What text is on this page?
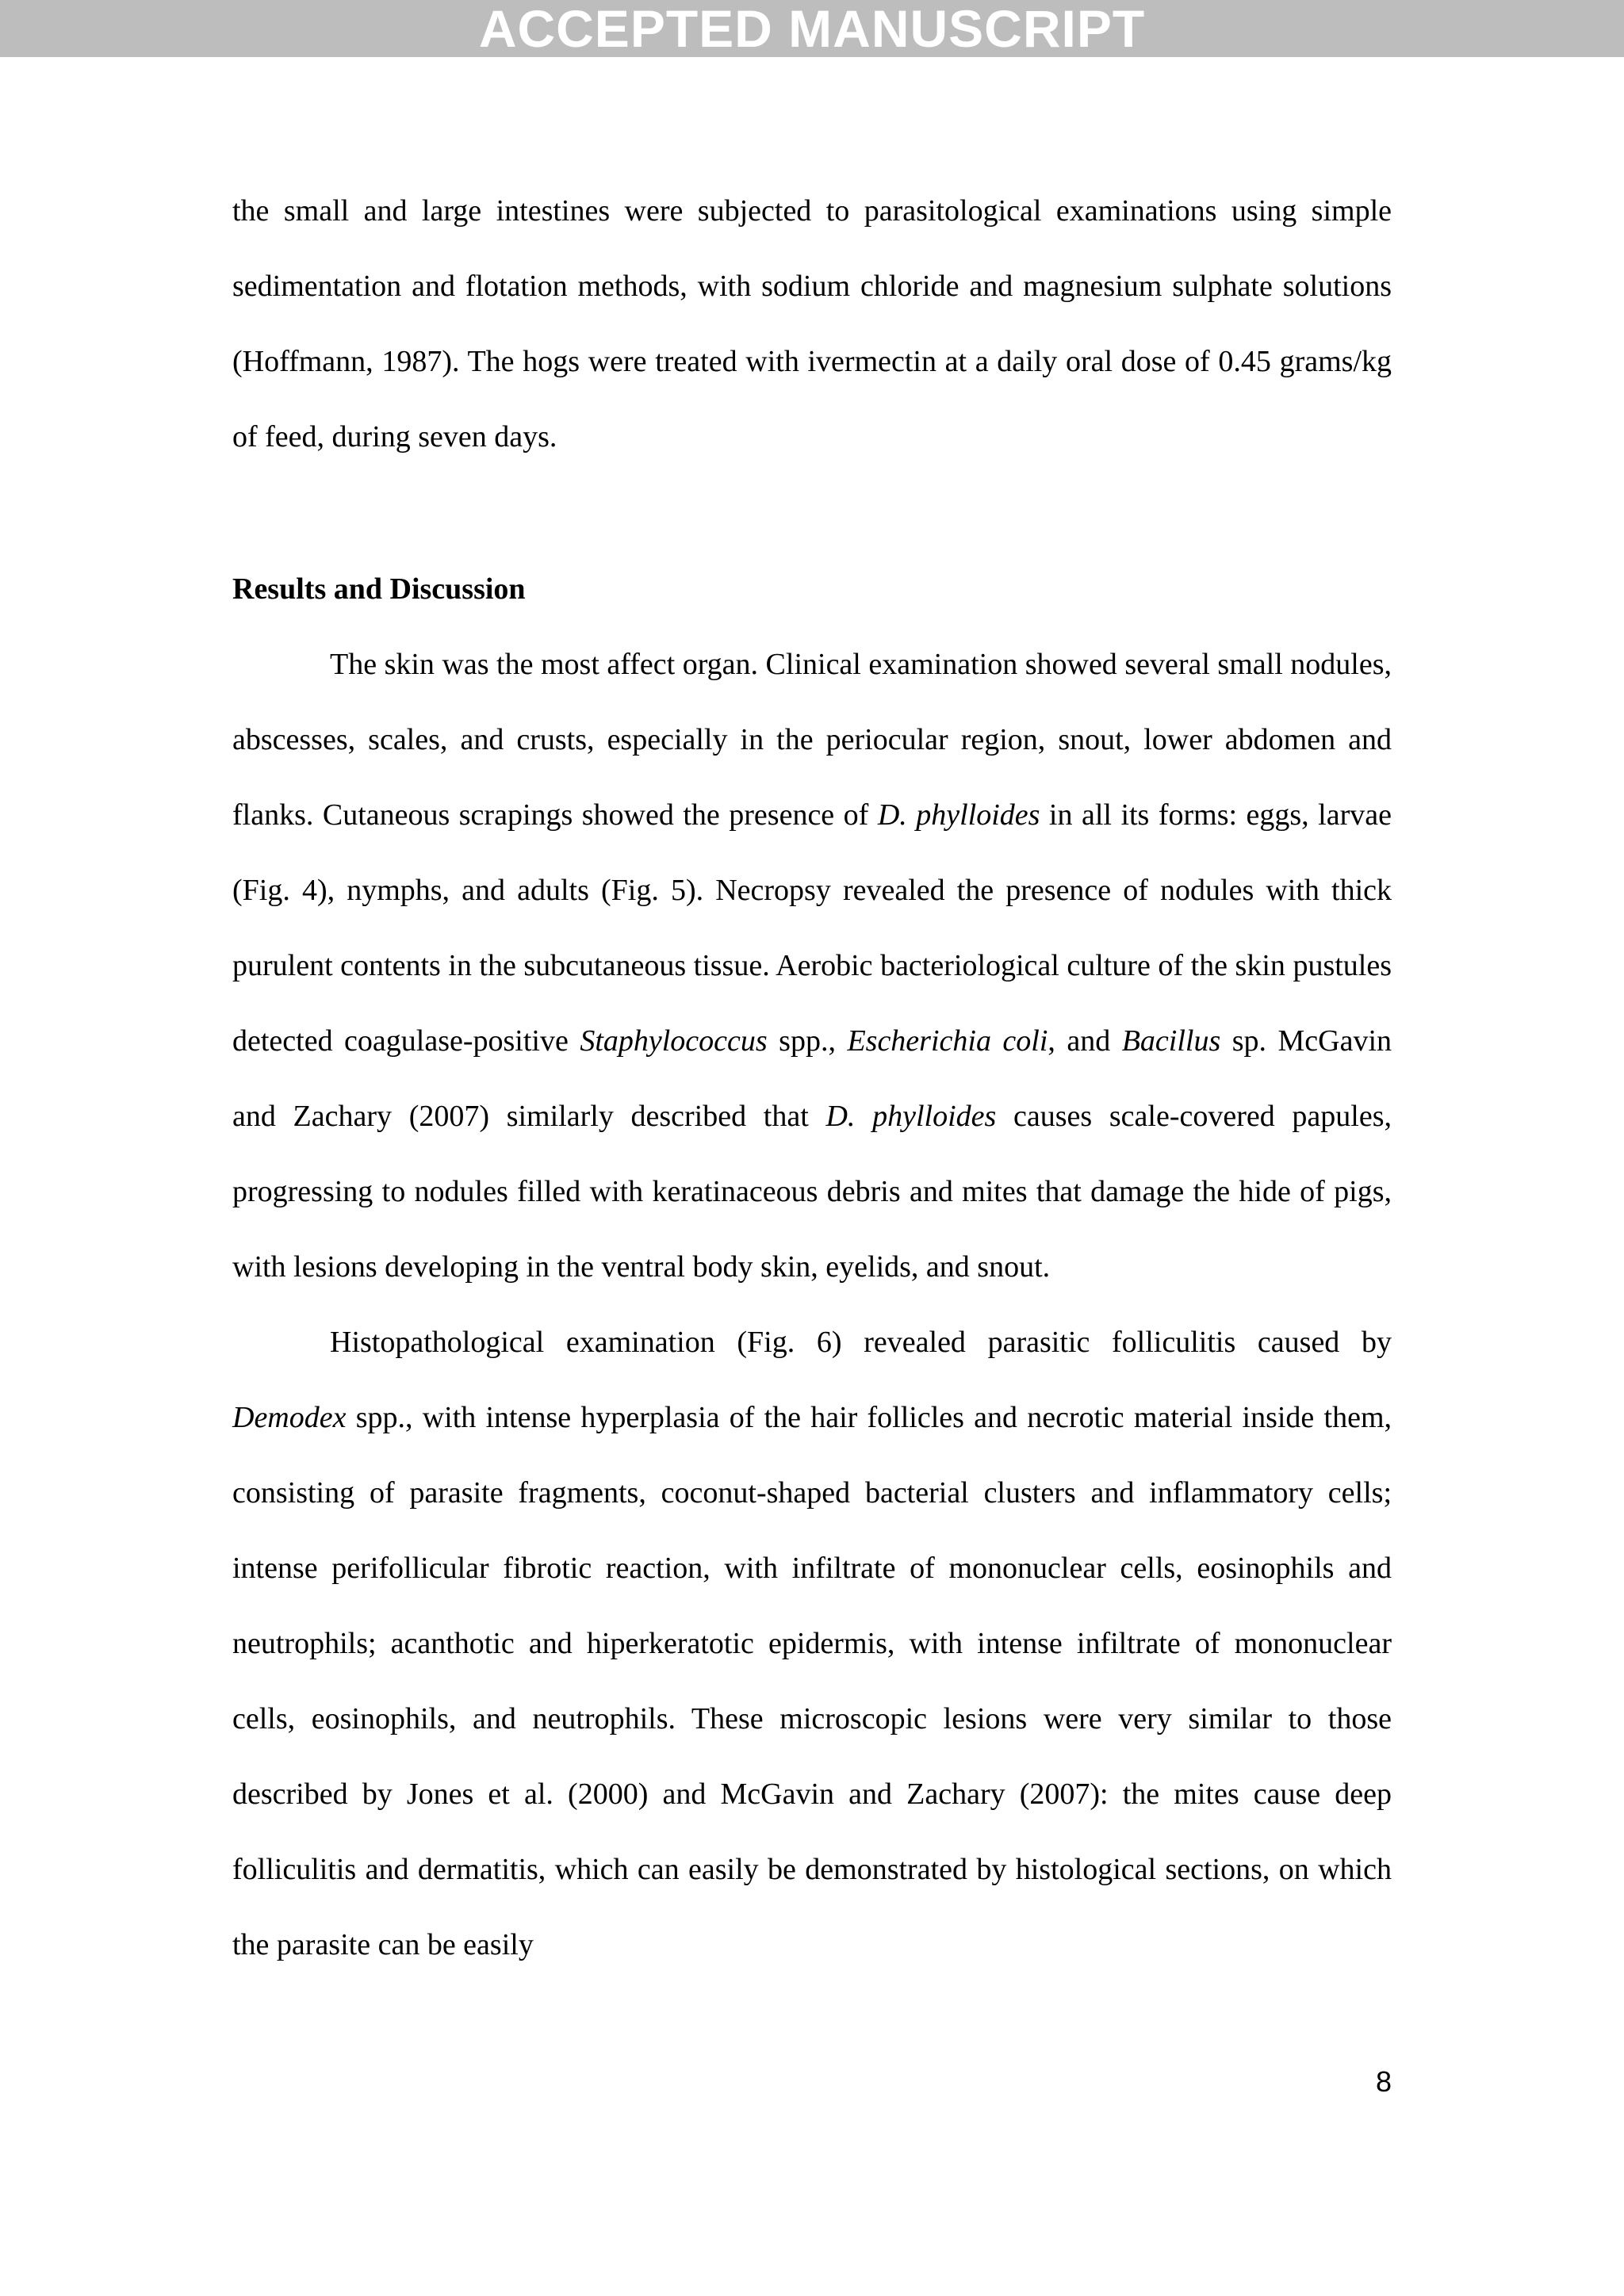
ACCEPTED MANUSCRIPT

the small and large intestines were subjected to parasitological examinations using simple sedimentation and flotation methods, with sodium chloride and magnesium sulphate solutions (Hoffmann, 1987). The hogs were treated with ivermectin at a daily oral dose of 0.45 grams/kg of feed, during seven days.

Results and Discussion

The skin was the most affect organ. Clinical examination showed several small nodules, abscesses, scales, and crusts, especially in the periocular region, snout, lower abdomen and flanks. Cutaneous scrapings showed the presence of D. phylloides in all its forms: eggs, larvae (Fig. 4), nymphs, and adults (Fig. 5). Necropsy revealed the presence of nodules with thick purulent contents in the subcutaneous tissue. Aerobic bacteriological culture of the skin pustules detected coagulase-positive Staphylococcus spp., Escherichia coli, and Bacillus sp. McGavin and Zachary (2007) similarly described that D. phylloides causes scale-covered papules, progressing to nodules filled with keratinaceous debris and mites that damage the hide of pigs, with lesions developing in the ventral body skin, eyelids, and snout.

Histopathological examination (Fig. 6) revealed parasitic folliculitis caused by Demodex spp., with intense hyperplasia of the hair follicles and necrotic material inside them, consisting of parasite fragments, coconut-shaped bacterial clusters and inflammatory cells; intense perifollicular fibrotic reaction, with infiltrate of mononuclear cells, eosinophils and neutrophils; acanthotic and hiperkeratotic epidermis, with intense infiltrate of mononuclear cells, eosinophils, and neutrophils. These microscopic lesions were very similar to those described by Jones et al. (2000) and McGavin and Zachary (2007): the mites cause deep folliculitis and dermatitis, which can easily be demonstrated by histological sections, on which the parasite can be easily

8
